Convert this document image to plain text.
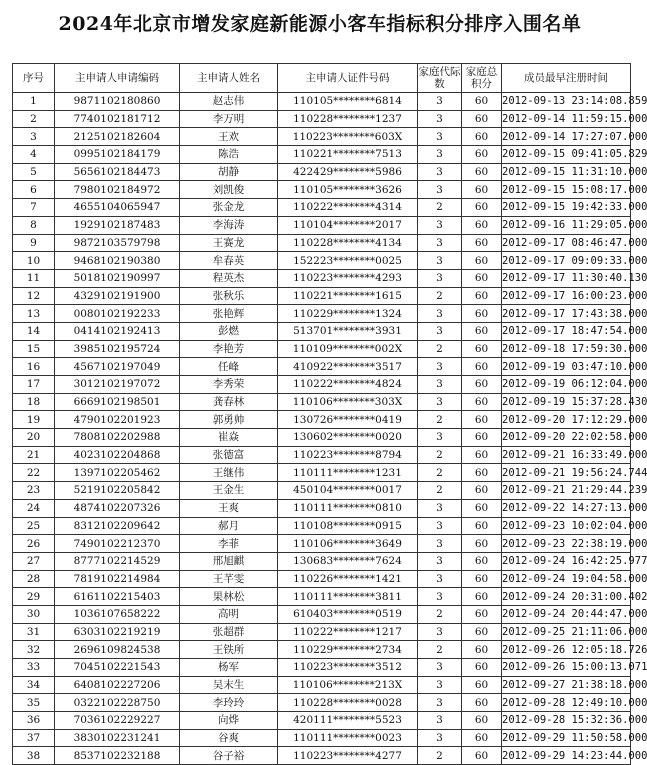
2024年北京市增发家庭新能源小客车指标积分排序入围名单
序号	主申请人申请编码	主申请人姓名	主申请人证件号码	家庭代际数	家庭总积分	成员最早注册时间
1	9871102180860	赵志伟	110105********6814	3	60	2012-09-13 23:14:08.859
2	7740102181712	李万明	110228********1237	3	60	2012-09-14 11:59:15.000
3	2125102182604	王欢	110223********603X	3	60	2012-09-14 17:27:07.000
4	0995102184179	陈浩	110221********7513	3	60	2012-09-15 09:41:05.829
5	5656102184473	胡静	422429********5986	3	60	2012-09-15 11:31:10.000
6	7980102184972	刘凯俊	110105********3626	3	60	2012-09-15 15:08:17.000
7	4655104065947	张金龙	110222********4314	2	60	2012-09-15 19:42:33.000
8	1929102187483	李海涛	110104********2017	3	60	2012-09-16 11:29:05.000
9	9872103579798	王赛龙	110228********4134	3	60	2012-09-17 08:46:47.000
10	9468102190380	牟春英	152223********0025	3	60	2012-09-17 09:09:33.000
11	5018102190997	程英杰	110223********4293	3	60	2012-09-17 11:30:40.130
12	4329102191900	张秋乐	110221********1615	2	60	2012-09-17 16:00:23.000
13	0080102192233	张艳辉	110229********1324	3	60	2012-09-17 17:43:38.000
14	0414102192413	彭燃	513701********3931	3	60	2012-09-17 18:47:54.000
15	3985102195724	李艳芳	110109********002X	2	60	2012-09-18 17:59:30.000
16	4567102197049	任峰	410922********3517	3	60	2012-09-19 03:47:10.000
17	3012102197072	李秀荣	110222********4824	3	60	2012-09-19 06:12:04.000
18	6669102198501	龚春林	110106********303X	3	60	2012-09-19 15:37:28.430
19	4790102201923	郭勇帅	130726********0419	2	60	2012-09-20 17:12:29.000
20	7808102202988	崔焱	130602********0020	3	60	2012-09-20 22:02:58.000
21	4023102204868	张德富	110223********8794	2	60	2012-09-21 16:33:49.000
22	1397102205462	王继伟	110111********1231	2	60	2012-09-21 19:56:24.744
23	5219102205842	王金生	450104********0017	2	60	2012-09-21 21:29:44.239
24	4874102207326	王爽	110111********0810	3	60	2012-09-22 14:27:13.000
25	8312102209642	郝月	110108********0915	3	60	2012-09-23 10:02:04.000
26	7490102212370	李菲	110106********3649	3	60	2012-09-23 22:38:19.000
27	8777102214529	邢旭麒	130683********7624	3	60	2012-09-24 16:42:25.977
28	7819102214984	王芊雯	110226********1421	3	60	2012-09-24 19:04:58.000
29	6161102215403	果林松	110111********3811	3	60	2012-09-24 20:31:00.402
30	1036107658222	高明	610403********0519	2	60	2012-09-24 20:44:47.000
31	6303102219219	张超群	110222********1217	3	60	2012-09-25 21:11:06.000
32	2696109824538	王铁所	110229********2734	2	60	2012-09-26 12:05:18.726
33	7045102221543	杨军	110223********3512	3	60	2012-09-26 15:00:13.071
34	6408102227206	吴末生	110106********213X	3	60	2012-09-27 21:38:18.000
35	0322102228750	李玲玲	110228********0028	3	60	2012-09-28 12:49:10.000
36	7036102229227	向烨	420111********5523	3	60	2012-09-28 15:32:36.000
37	3830102231241	谷爽	110111********0023	3	60	2012-09-29 11:50:58.000
38	8537102232188	谷子裕	110223********4277	2	60	2012-09-29 14:23:44.000
